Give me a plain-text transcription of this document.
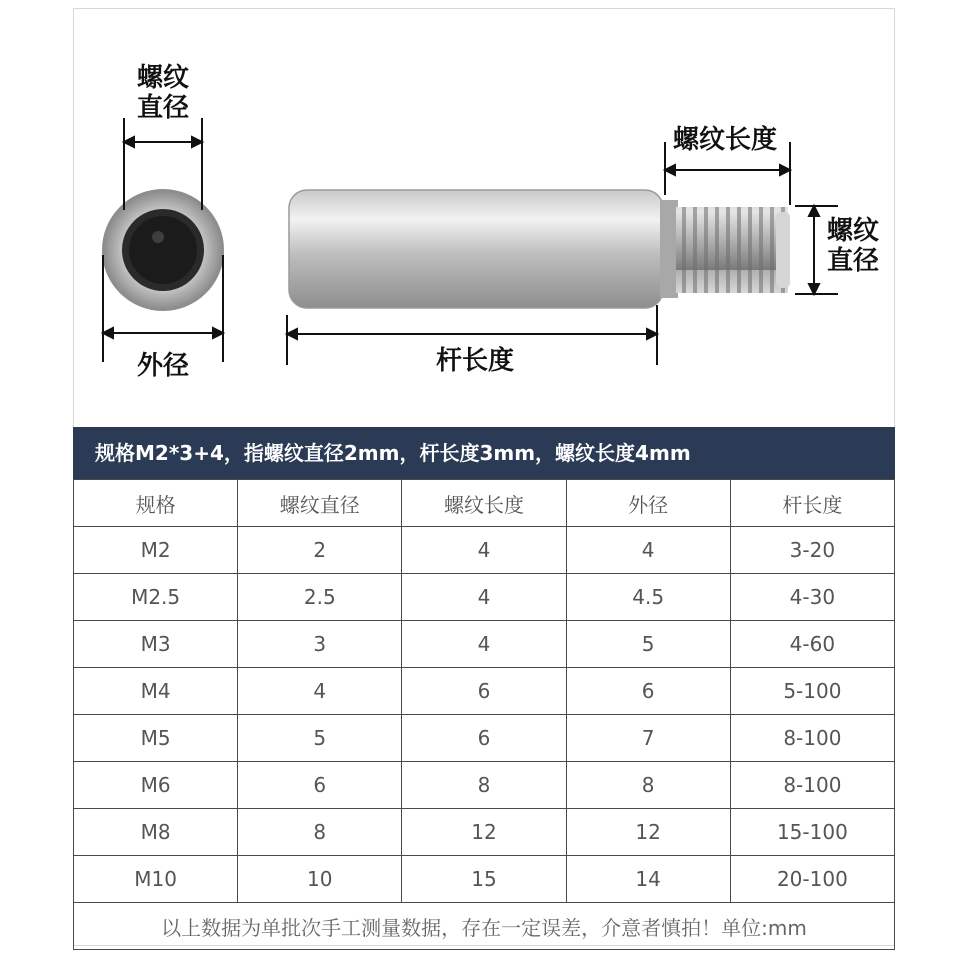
螺纹
直径
外径	杆长度
螺纹长度
螺纹
直径
规格M2*3+4，指螺纹直径2mm，杆长度3mm，螺纹长度4mm
规格	螺纹直径	螺纹长度	外径	杆长度
M2	2	4	4	3-20
M2.5	2.5	4	4.5	4-30
M3	3	4	5	4-60
M4	4	6	6	5-100
M5	5	6	7	8-100
M6	6	8	8	8-100
M8	8	12	12	15-100
M10	10	15	14	20-100
以上数据为单批次手工测量数据，存在一定误差，介意者慎拍！单位:mm				
